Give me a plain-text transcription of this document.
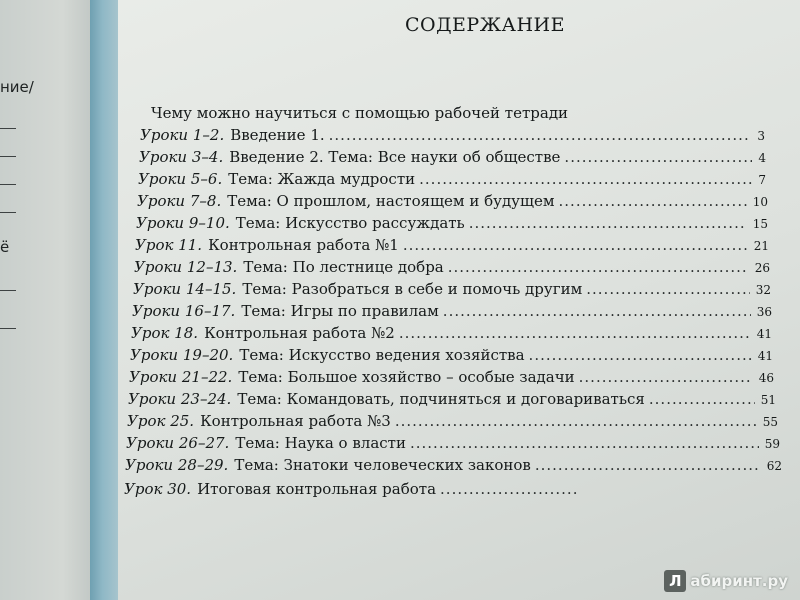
ние/
ё
СОДЕРЖАНИЕ
Чему можно научиться с помощью рабочей тетради
Уроки 1–2. Введение 1. .....	3
Уроки 3–4. Введение 2. Тема: Все науки об обществе .....	4
Уроки 5–6. Тема: Жажда мудрости .....	7
Уроки 7–8. Тема: О прошлом, настоящем и будущем .....	10
Уроки 9–10. Тема: Искусство рассуждать .....	15
Урок 11. Контрольная работа №1 .....	21
Уроки 12–13. Тема: По лестнице добра .....	26
Уроки 14–15. Тема: Разобраться в себе и помочь другим .....	32
Уроки 16–17. Тема: Игры по правилам .....	36
Урок 18. Контрольная работа №2 .....	41
Уроки 19–20. Тема: Искусство ведения хозяйства .....	41
Уроки 21–22. Тема: Большое хозяйство – особые задачи .....	46
Уроки 23–24. Тема: Командовать, подчиняться и договариваться .....	51
Урок 25. Контрольная работа №3 .....	55
Уроки 26–27. Тема: Наука о власти .....	59
Уроки 28–29. Тема: Знатоки человеческих законов .....	62
Урок 30. Итоговая контрольная работа
.....
Л абиринт.ру
